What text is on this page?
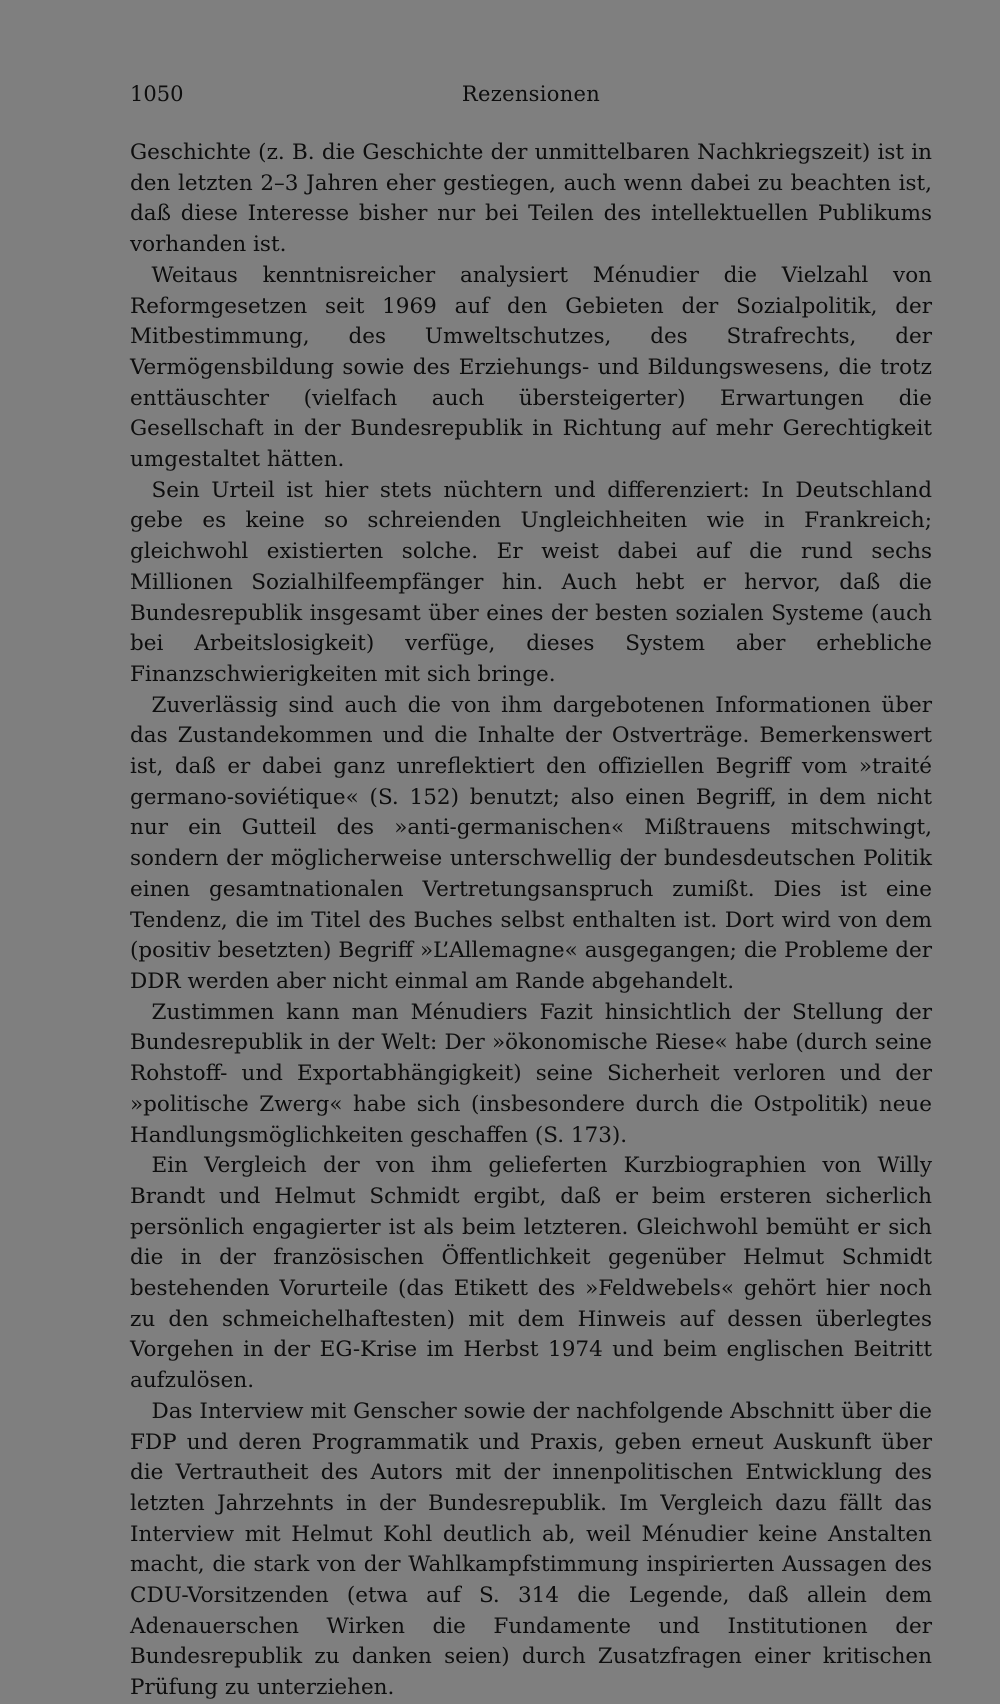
1050	Rezensionen

Geschichte (z. B. die Geschichte der unmittelbaren Nachkriegszeit) ist in den letzten 2–3 Jahren eher gestiegen, auch wenn dabei zu beachten ist, daß diese Interesse bisher nur bei Teilen des intellektuellen Publikums vorhanden ist.

Weitaus kenntnisreicher analysiert Ménudier die Vielzahl von Reformgesetzen seit 1969 auf den Gebieten der Sozialpolitik, der Mitbestimmung, des Umweltschutzes, des Strafrechts, der Vermögensbildung sowie des Erziehungs- und Bildungswesens, die trotz enttäuschter (vielfach auch übersteigerter) Erwartungen die Gesellschaft in der Bundesrepublik in Richtung auf mehr Gerechtigkeit umgestaltet hätten.

Sein Urteil ist hier stets nüchtern und differenziert: In Deutschland gebe es keine so schreienden Ungleichheiten wie in Frankreich; gleichwohl existierten solche. Er weist dabei auf die rund sechs Millionen Sozialhilfeempfänger hin. Auch hebt er hervor, daß die Bundesrepublik insgesamt über eines der besten sozialen Systeme (auch bei Arbeitslosigkeit) verfüge, dieses System aber erhebliche Finanzschwierigkeiten mit sich bringe.

Zuverlässig sind auch die von ihm dargebotenen Informationen über das Zustandekommen und die Inhalte der Ostverträge. Bemerkenswert ist, daß er dabei ganz unreflektiert den offiziellen Begriff vom »traité germano-soviétique« (S. 152) benutzt; also einen Begriff, in dem nicht nur ein Gutteil des »anti-germanischen« Mißtrauens mitschwingt, sondern der möglicherweise unterschwellig der bundesdeutschen Politik einen gesamtnationalen Vertretungsanspruch zumißt. Dies ist eine Tendenz, die im Titel des Buches selbst enthalten ist. Dort wird von dem (positiv besetzten) Begriff »L’Allemagne« ausgegangen; die Probleme der DDR werden aber nicht einmal am Rande abgehandelt.

Zustimmen kann man Ménudiers Fazit hinsichtlich der Stellung der Bundesrepublik in der Welt: Der »ökonomische Riese« habe (durch seine Rohstoff- und Exportabhängigkeit) seine Sicherheit verloren und der »politische Zwerg« habe sich (insbesondere durch die Ostpolitik) neue Handlungsmöglichkeiten geschaffen (S. 173).

Ein Vergleich der von ihm gelieferten Kurzbiographien von Willy Brandt und Helmut Schmidt ergibt, daß er beim ersteren sicherlich persönlich engagierter ist als beim letzteren. Gleichwohl bemüht er sich die in der französischen Öffentlichkeit gegenüber Helmut Schmidt bestehenden Vorurteile (das Etikett des »Feldwebels« gehört hier noch zu den schmeichelhaftesten) mit dem Hinweis auf dessen überlegtes Vorgehen in der EG-Krise im Herbst 1974 und beim englischen Beitritt aufzulösen.

Das Interview mit Genscher sowie der nachfolgende Abschnitt über die FDP und deren Programmatik und Praxis, geben erneut Auskunft über die Vertrautheit des Autors mit der innenpolitischen Entwicklung des letzten Jahrzehnts in der Bundesrepublik. Im Vergleich dazu fällt das Interview mit Helmut Kohl deutlich ab, weil Ménudier keine Anstalten macht, die stark von der Wahlkampfstimmung inspirierten Aussagen des CDU-Vorsitzenden (etwa auf S. 314 die Legende, daß allein dem Adenauerschen Wirken die Fundamente und Institutionen der Bundesrepublik zu danken seien) durch Zusatzfragen einer kritischen Prüfung zu unterziehen.
